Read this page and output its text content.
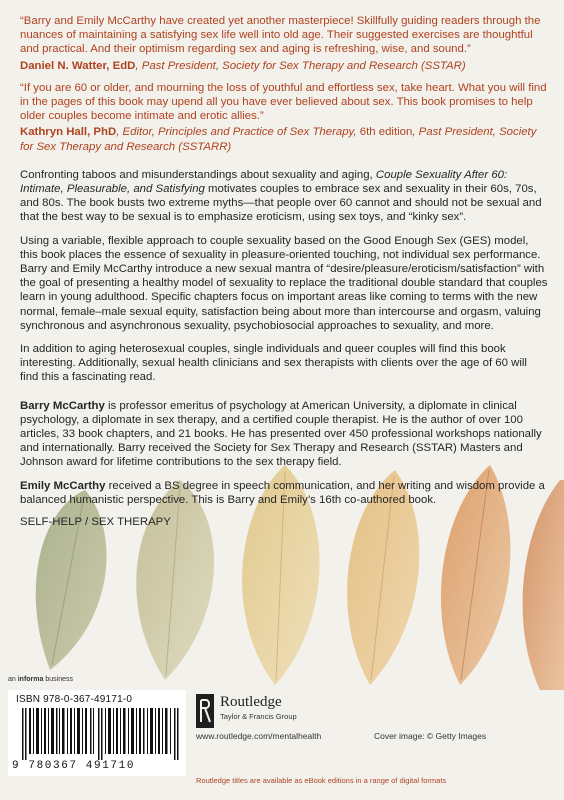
“Barry and Emily McCarthy have created yet another masterpiece! Skillfully guiding readers through the nuances of maintaining a satisfying sex life well into old age. Their suggested exercises are thoughtful and practical. And their optimism regarding sex and aging is refreshing, wise, and sound.”

Daniel N. Watter, EdD, Past President, Society for Sex Therapy and Research (SSTAR)

“If you are 60 or older, and mourning the loss of youthful and effortless sex, take heart. What you will find in the pages of this book may upend all you have ever believed about sex. This book promises to help older couples become intimate and erotic allies.”

Kathryn Hall, PhD, Editor, Principles and Practice of Sex Therapy, 6th edition, Past President, Society for Sex Therapy and Research (SSTARR)

Confronting taboos and misunderstandings about sexuality and aging, Couple Sexuality After 60: Intimate, Pleasurable, and Satisfying motivates couples to embrace sex and sexuality in their 60s, 70s, and 80s. The book busts two extreme myths—that people over 60 cannot and should not be sexual and that the best way to be sexual is to emphasize eroticism, using sex toys, and “kinky sex”.

Using a variable, flexible approach to couple sexuality based on the Good Enough Sex (GES) model, this book places the essence of sexuality in pleasure-oriented touching, not individual sex performance. Barry and Emily McCarthy introduce a new sexual mantra of “desire/pleasure/eroticism/satisfaction” with the goal of presenting a healthy model of sexuality to replace the traditional double standard that couples learn in young adulthood. Specific chapters focus on important areas like coming to terms with the new normal, female–male sexual equity, satisfaction being about more than intercourse and orgasm, valuing synchronous and asynchronous sexuality, psychobiosocial approaches to sexuality, and more.

In addition to aging heterosexual couples, single individuals and queer couples will find this book interesting. Additionally, sexual health clinicians and sex therapists with clients over the age of 60 will find this a fascinating read.

Barry McCarthy is professor emeritus of psychology at American University, a diplomate in clinical psychology, a diplomate in sex therapy, and a certified couple therapist. He is the author of over 100 articles, 33 book chapters, and 21 books. He has presented over 450 professional workshops nationally and internationally. Barry received the Society for Sex Therapy and Research (SSTAR) Masters and Johnson award for lifetime contributions to the sex therapy field.

Emily McCarthy received a BS degree in speech communication, and her writing and wisdom provide a balanced humanistic perspective. This is Barry and Emily’s 16th co-authored book.

SELF-HELP / SEX THERAPY
an informa business
ISBN 978-0-367-49171-0
9 780367 491710
Routledge
Taylor & Francis Group
www.routledge.com/mentalhealth	Cover image: © Getty Images
Routledge titles are available as eBook editions in a range of digital formats
